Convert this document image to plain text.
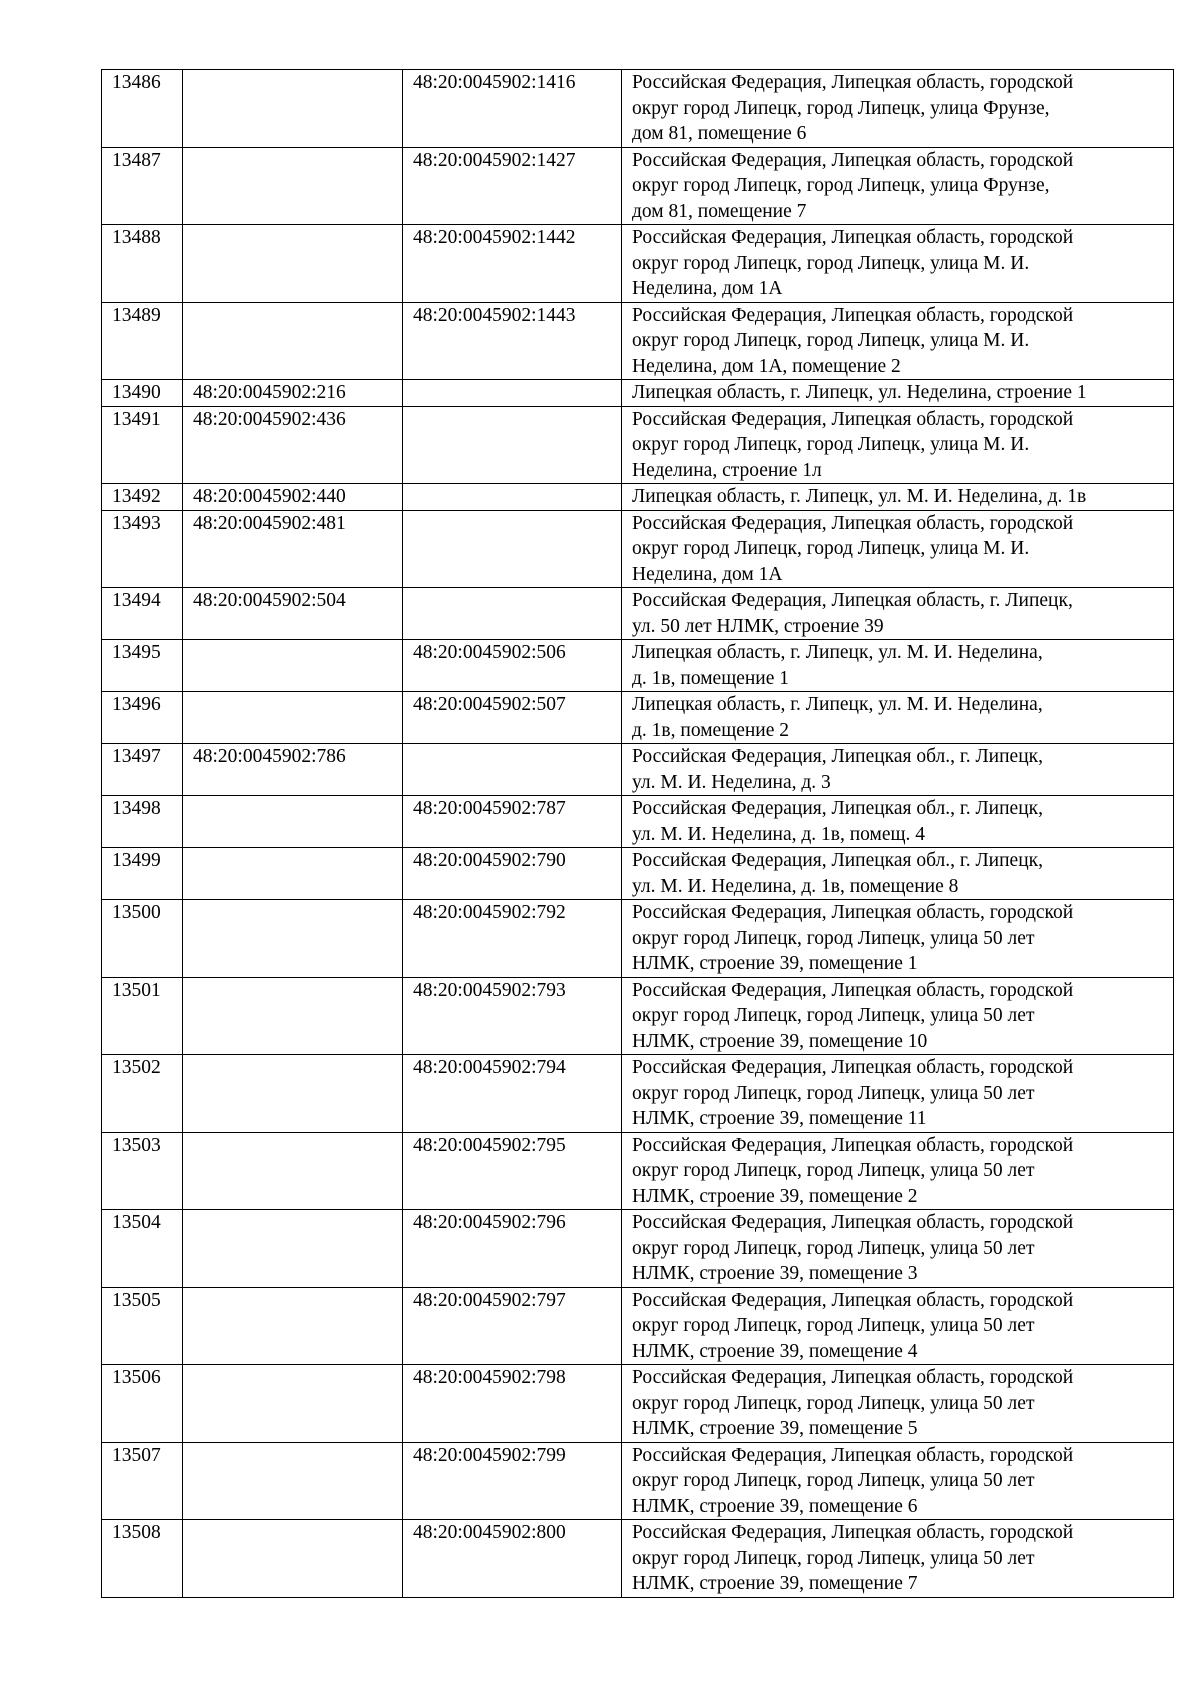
13486		48:20:0045902:1416	Российская Федерация, Липецкая область, городской
округ город Липецк, город Липецк, улица Фрунзе,
дом 81, помещение 6

13487		48:20:0045902:1427	Российская Федерация, Липецкая область, городской
округ город Липецк, город Липецк, улица Фрунзе,
дом 81, помещение 7

13488		48:20:0045902:1442	Российская Федерация, Липецкая область, городской
округ город Липецк, город Липецк, улица М. И.
Неделина, дом 1А

13489		48:20:0045902:1443	Российская Федерация, Липецкая область, городской
округ город Липецк, город Липецк, улица М. И.
Неделина, дом 1А, помещение 2

13490	48:20:0045902:216		Липецкая область, г. Липецк, ул. Неделина, строение 1

13491	48:20:0045902:436		Российская Федерация, Липецкая область, городской
округ город Липецк, город Липецк, улица М. И.
Неделина, строение 1л

13492	48:20:0045902:440		Липецкая область, г. Липецк, ул. М. И. Неделина, д. 1в

13493	48:20:0045902:481		Российская Федерация, Липецкая область, городской
округ город Липецк, город Липецк, улица М. И.
Неделина, дом 1А

13494	48:20:0045902:504		Российская Федерация, Липецкая область, г. Липецк,
ул. 50 лет НЛМК, строение 39

13495		48:20:0045902:506	Липецкая область, г. Липецк, ул. М. И. Неделина,
д. 1в, помещение 1

13496		48:20:0045902:507	Липецкая область, г. Липецк, ул. М. И. Неделина,
д. 1в, помещение 2

13497	48:20:0045902:786		Российская Федерация, Липецкая обл., г. Липецк,
ул. М. И. Неделина, д. 3

13498		48:20:0045902:787	Российская Федерация, Липецкая обл., г. Липецк,
ул. М. И. Неделина, д. 1в, помещ. 4

13499		48:20:0045902:790	Российская Федерация, Липецкая обл., г. Липецк,
ул. М. И. Неделина, д. 1в, помещение 8

13500		48:20:0045902:792	Российская Федерация, Липецкая область, городской
округ город Липецк, город Липецк, улица 50 лет
НЛМК, строение 39, помещение 1

13501		48:20:0045902:793	Российская Федерация, Липецкая область, городской
округ город Липецк, город Липецк, улица 50 лет
НЛМК, строение 39, помещение 10

13502		48:20:0045902:794	Российская Федерация, Липецкая область, городской
округ город Липецк, город Липецк, улица 50 лет
НЛМК, строение 39, помещение 11

13503		48:20:0045902:795	Российская Федерация, Липецкая область, городской
округ город Липецк, город Липецк, улица 50 лет
НЛМК, строение 39, помещение 2

13504		48:20:0045902:796	Российская Федерация, Липецкая область, городской
округ город Липецк, город Липецк, улица 50 лет
НЛМК, строение 39, помещение 3

13505		48:20:0045902:797	Российская Федерация, Липецкая область, городской
округ город Липецк, город Липецк, улица 50 лет
НЛМК, строение 39, помещение 4

13506		48:20:0045902:798	Российская Федерация, Липецкая область, городской
округ город Липецк, город Липецк, улица 50 лет
НЛМК, строение 39, помещение 5

13507		48:20:0045902:799	Российская Федерация, Липецкая область, городской
округ город Липецк, город Липецк, улица 50 лет
НЛМК, строение 39, помещение 6

13508		48:20:0045902:800	Российская Федерация, Липецкая область, городской
округ город Липецк, город Липецк, улица 50 лет
НЛМК, строение 39, помещение 7
